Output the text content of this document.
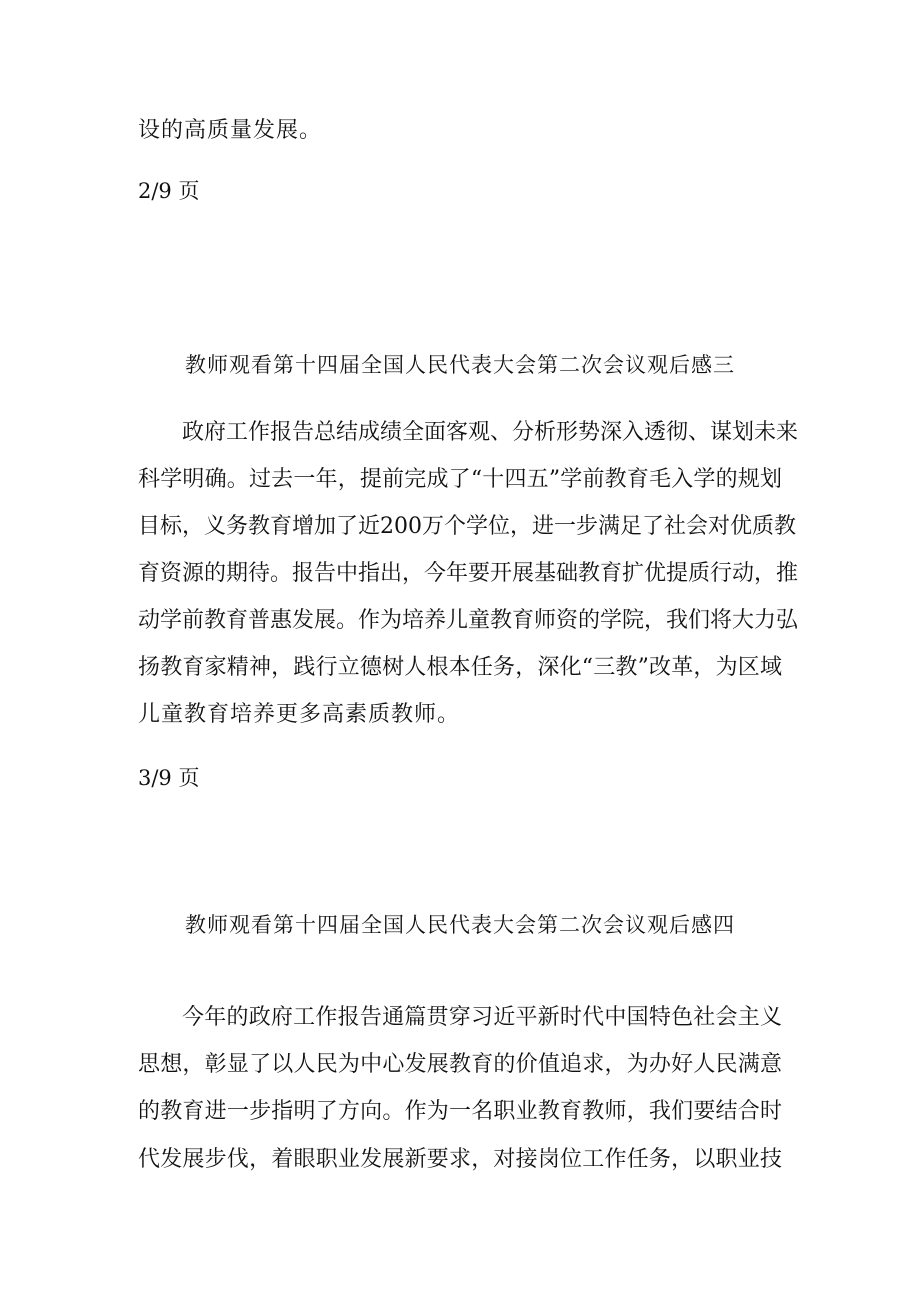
设的高质量发展。
2/9 页
教师观看第十四届全国人民代表大会第二次会议观后感三
政府工作报告总结成绩全面客观、分析形势深入透彻、谋划未来
科学明确。过去一年，提前完成了“十四五”学前教育毛入学的规划
目标，义务教育增加了近200万个学位，进一步满足了社会对优质教
育资源的期待。报告中指出，今年要开展基础教育扩优提质行动，推
动学前教育普惠发展。作为培养儿童教育师资的学院，我们将大力弘
扬教育家精神，践行立德树人根本任务，深化“三教”改革，为区域
儿童教育培养更多高素质教师。
3/9 页
教师观看第十四届全国人民代表大会第二次会议观后感四
今年的政府工作报告通篇贯穿习近平新时代中国特色社会主义
思想，彰显了以人民为中心发展教育的价值追求，为办好人民满意
的教育进一步指明了方向。作为一名职业教育教师，我们要结合时
代发展步伐，着眼职业发展新要求，对接岗位工作任务，以职业技
